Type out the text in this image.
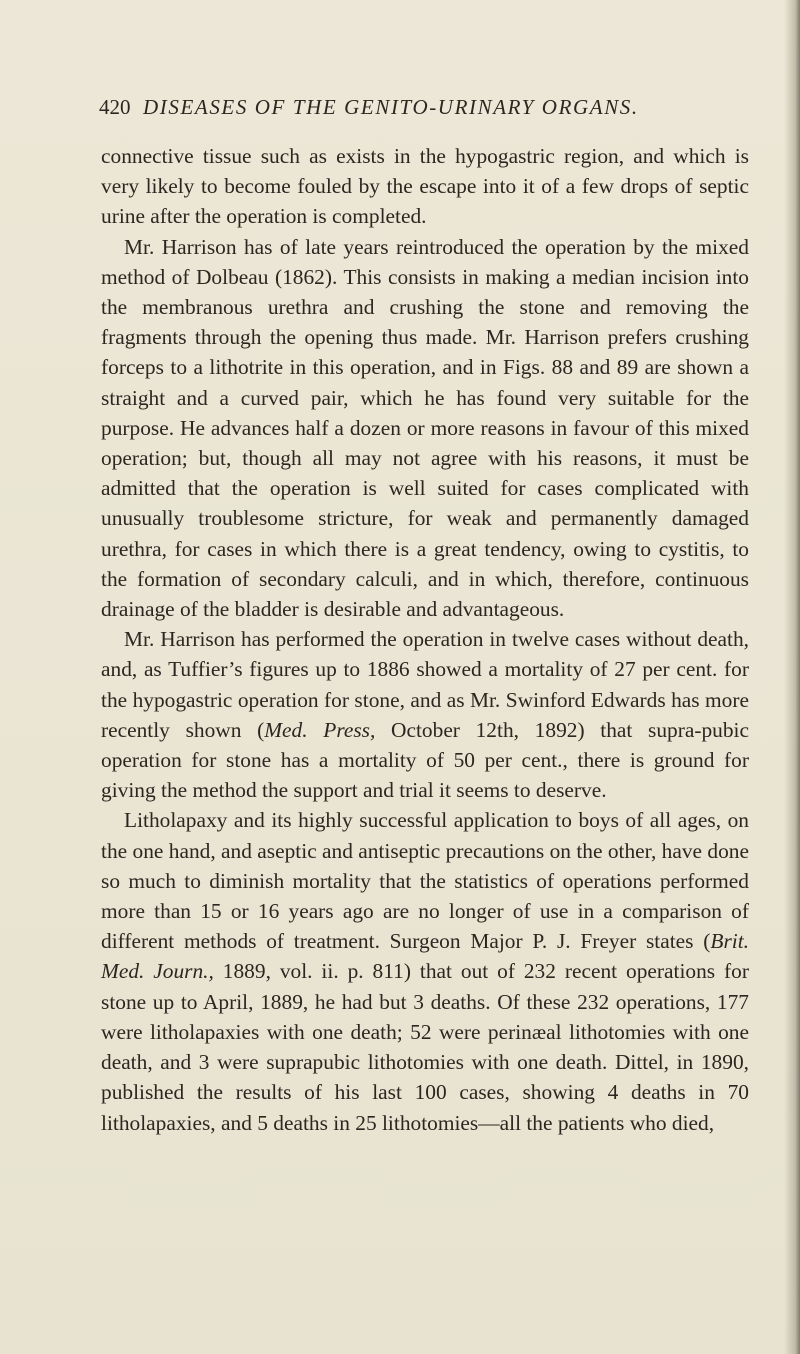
420 DISEASES OF THE GENITO-URINARY ORGANS.

connective tissue such as exists in the hypogastric region, and which is very likely to become fouled by the escape into it of a few drops of septic urine after the operation is completed.

Mr. Harrison has of late years reintroduced the operation by the mixed method of Dolbeau (1862). This consists in making a median incision into the membranous urethra and crushing the stone and removing the fragments through the opening thus made. Mr. Harrison prefers crushing forceps to a lithotrite in this operation, and in Figs. 88 and 89 are shown a straight and a curved pair, which he has found very suitable for the purpose. He advances half a dozen or more reasons in favour of this mixed operation; but, though all may not agree with his reasons, it must be admitted that the operation is well suited for cases complicated with unusually troublesome stricture, for weak and permanently damaged urethra, for cases in which there is a great tendency, owing to cystitis, to the formation of secondary calculi, and in which, therefore, continuous drainage of the bladder is desirable and advantageous.

Mr. Harrison has performed the operation in twelve cases without death, and, as Tuffier’s figures up to 1886 showed a mortality of 27 per cent. for the hypogastric operation for stone, and as Mr. Swinford Edwards has more recently shown (Med. Press, October 12th, 1892) that supra-pubic operation for stone has a mortality of 50 per cent., there is ground for giving the method the support and trial it seems to deserve.

Litholapaxy and its highly successful application to boys of all ages, on the one hand, and aseptic and antiseptic precautions on the other, have done so much to diminish mortality that the statistics of operations performed more than 15 or 16 years ago are no longer of use in a comparison of different methods of treatment. Surgeon Major P. J. Freyer states (Brit. Med. Journ., 1889, vol. ii. p. 811) that out of 232 recent operations for stone up to April, 1889, he had but 3 deaths. Of these 232 operations, 177 were litholapaxies with one death; 52 were perinæal lithotomies with one death, and 3 were suprapubic lithotomies with one death. Dittel, in 1890, published the results of his last 100 cases, showing 4 deaths in 70 litholapaxies, and 5 deaths in 25 lithotomies—all the patients who died,
